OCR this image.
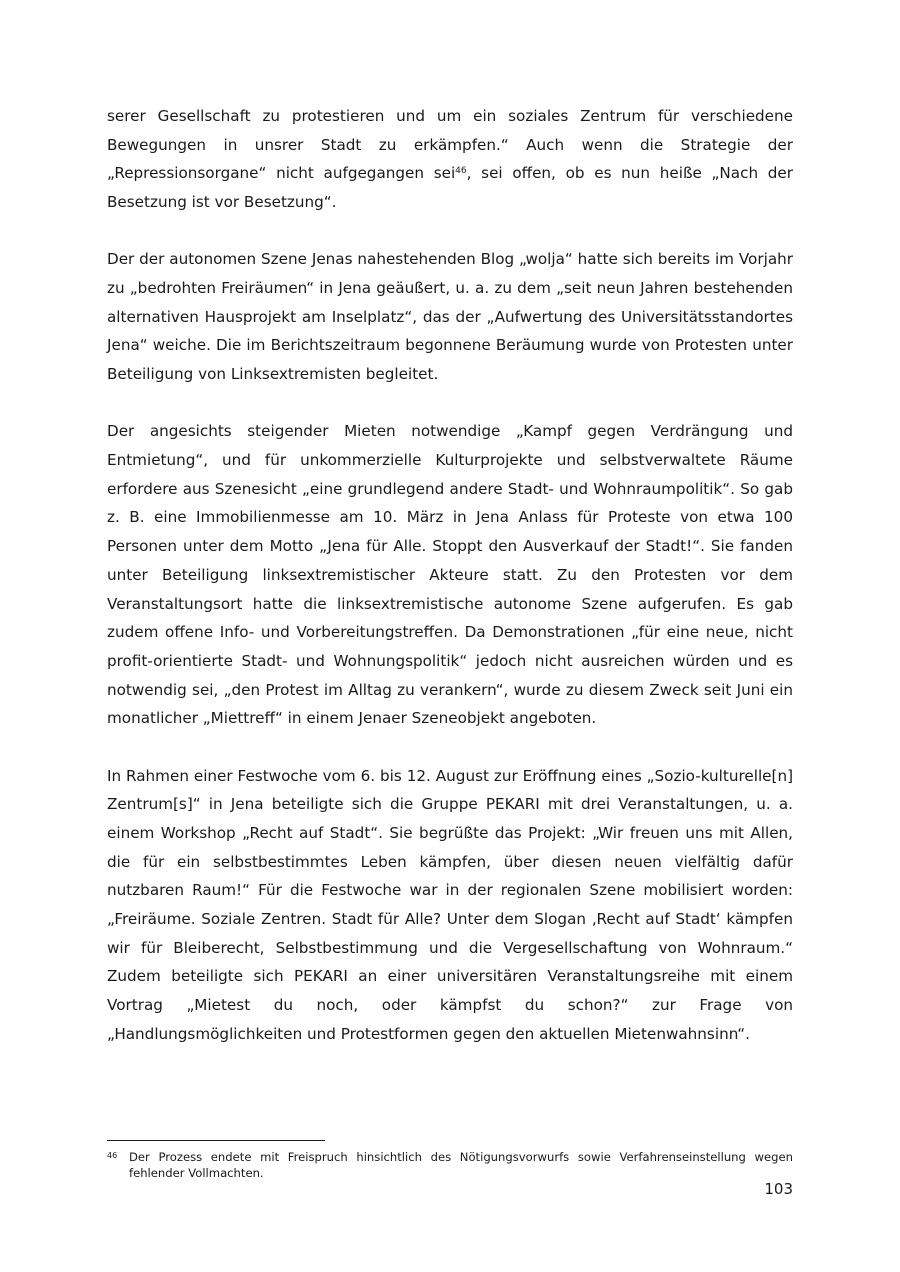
serer Gesellschaft zu protestieren und um ein soziales Zentrum für verschiedene Bewegungen in unsrer Stadt zu erkämpfen.“ Auch wenn die Strategie der „Repressionsorgane“ nicht aufgegangen sei$^{46}$, sei offen, ob es nun heiße „Nach der Besetzung ist vor Besetzung“.

Der der autonomen Szene Jenas nahestehenden Blog „wolja“ hatte sich bereits im Vorjahr zu „bedrohten Freiräumen“ in Jena geäußert, u. a. zu dem „seit neun Jahren bestehenden alternativen Hausprojekt am Inselplatz“, das der „Aufwertung des Universitätsstandortes Jena“ weiche. Die im Berichtszeitraum begonnene Beräumung wurde von Protesten unter Beteiligung von Linksextremisten begleitet.

Der angesichts steigender Mieten notwendige „Kampf gegen Verdrängung und Entmietung“, und für unkommerzielle Kulturprojekte und selbstverwaltete Räume erfordere aus Szenesicht „eine grundlegend andere Stadt- und Wohnraumpolitik“. So gab z. B. eine Immobilienmesse am 10. März in Jena Anlass für Proteste von etwa 100 Personen unter dem Motto „Jena für Alle. Stoppt den Ausverkauf der Stadt!“. Sie fanden unter Beteiligung linksextremistischer Akteure statt. Zu den Protesten vor dem Veranstaltungsort hatte die linksextremistische autonome Szene aufgerufen. Es gab zudem offene Info- und Vorbereitungstreffen. Da Demonstrationen „für eine neue, nicht profit-orientierte Stadt- und Wohnungspolitik“ jedoch nicht ausreichen würden und es notwendig sei, „den Protest im Alltag zu verankern“, wurde zu diesem Zweck seit Juni ein monatlicher „Miettreff“ in einem Jenaer Szeneobjekt angeboten.

In Rahmen einer Festwoche vom 6. bis 12. August zur Eröffnung eines „Sozio-kulturelle[n] Zentrum[s]“ in Jena beteiligte sich die Gruppe PEKARI mit drei Veranstaltungen, u. a. einem Workshop „Recht auf Stadt“. Sie begrüßte das Projekt: „Wir freuen uns mit Allen, die für ein selbstbestimmtes Leben kämpfen, über diesen neuen vielfältig dafür nutzbaren Raum!“ Für die Festwoche war in der regionalen Szene mobilisiert worden: „Freiräume. Soziale Zentren. Stadt für Alle? Unter dem Slogan ‚Recht auf Stadt‘ kämpfen wir für Bleiberecht, Selbstbestimmung und die Vergesellschaftung von Wohnraum.“ Zudem beteiligte sich PEKARI an einer universitären Veranstaltungsreihe mit einem Vortrag „Mietest du noch, oder kämpfst du schon?“ zur Frage von „Handlungsmöglichkeiten und Protestformen gegen den aktuellen Mietenwahnsinn“.

46	Der Prozess endete mit Freispruch hinsichtlich des Nötigungsvorwurfs sowie Verfahrenseinstellung wegen fehlender Vollmachten.
103
